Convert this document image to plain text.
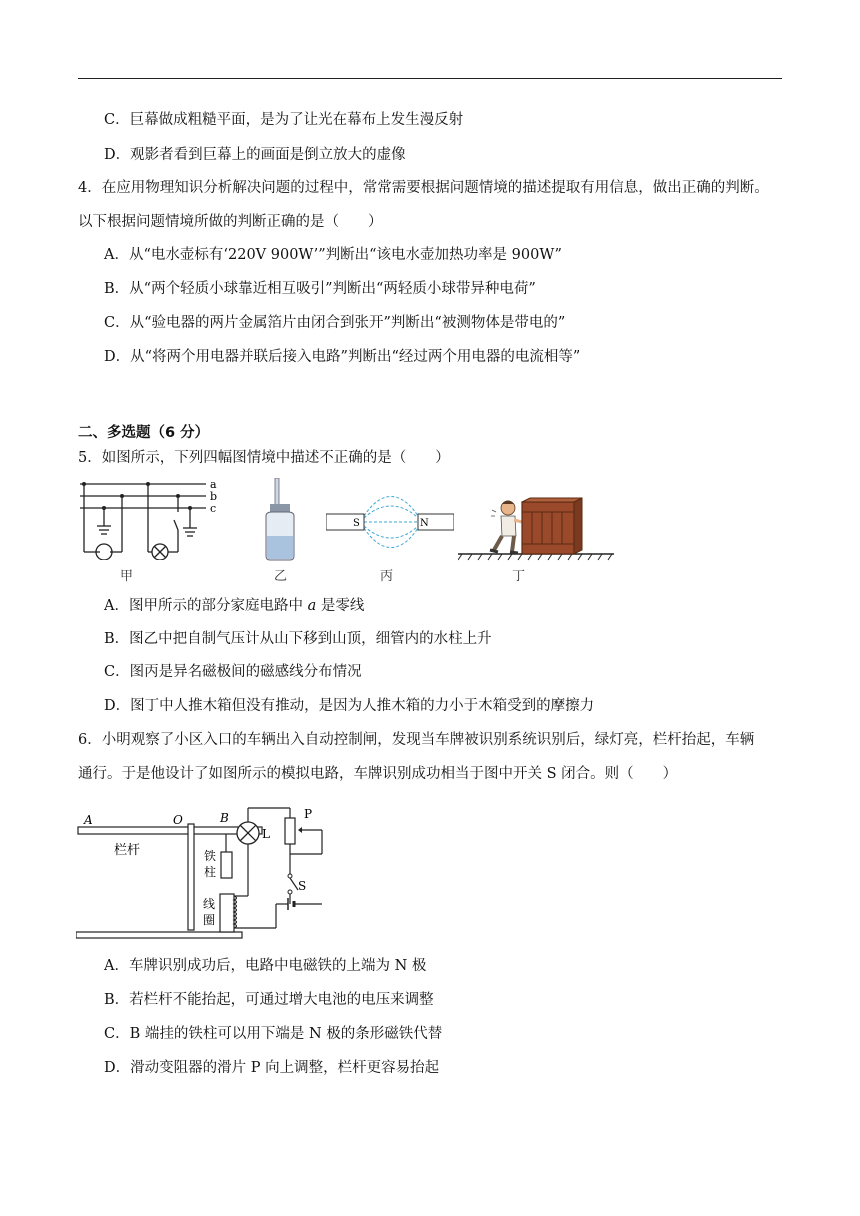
C．巨幕做成粗糙平面，是为了让光在幕布上发生漫反射
D．观影者看到巨幕上的画面是倒立放大的虚像
4．在应用物理知识分析解决问题的过程中，常常需要根据问题情境的描述提取有用信息，做出正确的判断。
以下根据问题情境所做的判断正确的是（　　）
A．从“电水壶标有‘220V 900W’”判断出“该电水壶加热功率是 900W”
B．从“两个轻质小球靠近相互吸引”判断出“两轻质小球带异种电荷”
C．从“验电器的两片金属箔片由闭合到张开”判断出“被测物体是带电的”
D．从“将两个用电器并联后接入电路”判断出“经过两个用电器的电流相等”
二、多选题（6 分）
5．如图所示，下列四幅图情境中描述不正确的是（　　）
a
b
c
甲	乙
S	N
丙	丁
A．图甲所示的部分家庭电路中 a 是零线
B．图乙中把自制气压计从山下移到山顶，细管内的水柱上升
C．图丙是异名磁极间的磁感线分布情况
D．图丁中人推木箱但没有推动，是因为人推木箱的力小于木箱受到的摩擦力
6．小明观察了小区入口的车辆出入自动控制闸，发现当车牌被识别系统识别后，绿灯亮，栏杆抬起，车辆
通行。于是他设计了如图所示的模拟电路，车牌识别成功相当于图中开关 S 闭合。则（　　）
A	O	B
栏杆	铁
柱
线
圈
L
P
S
A．车牌识别成功后，电路中电磁铁的上端为 N 极
B．若栏杆不能抬起，可通过增大电池的电压来调整
C．B 端挂的铁柱可以用下端是 N 极的条形磁铁代替
D．滑动变阻器的滑片 P 向上调整，栏杆更容易抬起
